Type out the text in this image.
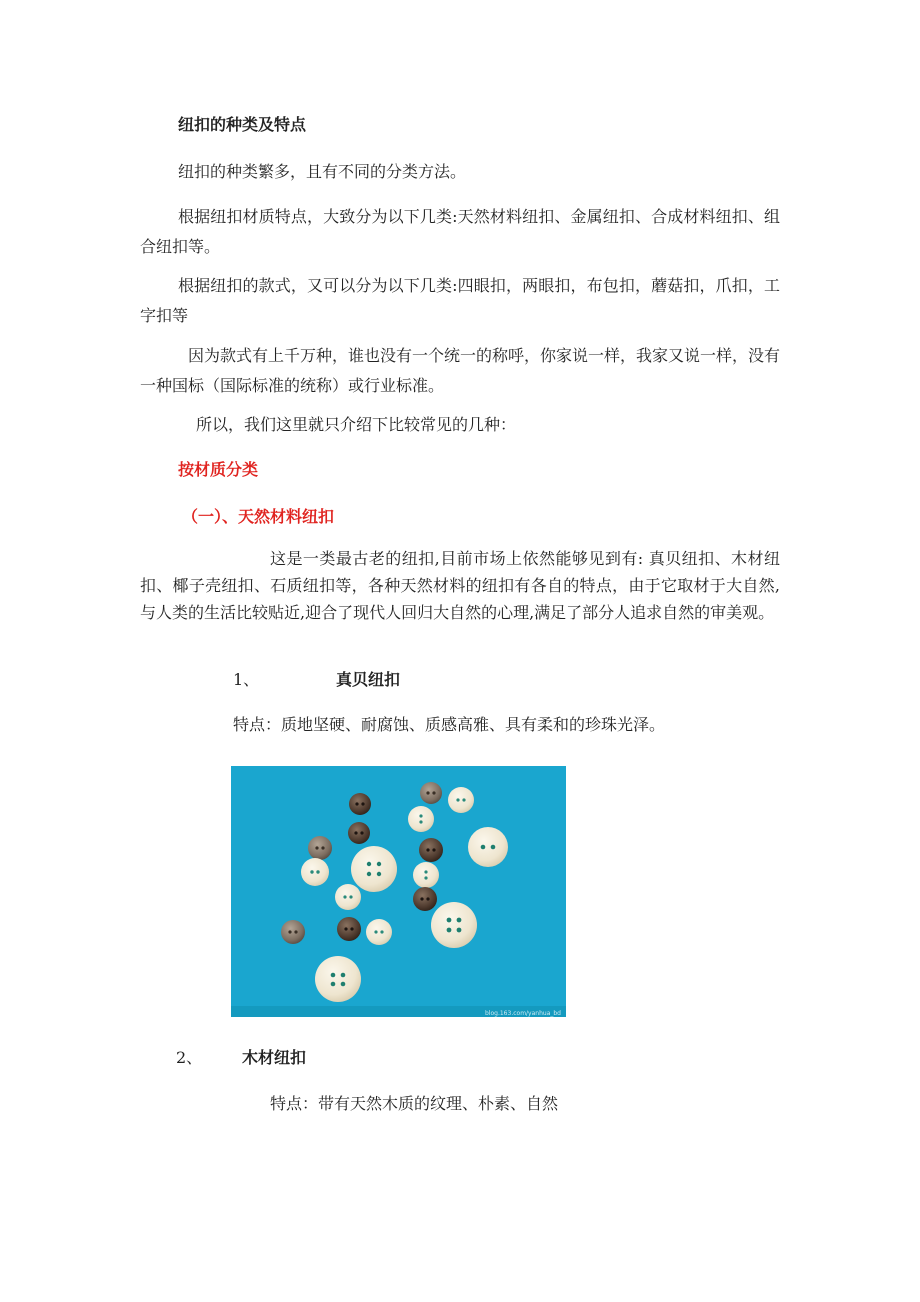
纽扣的种类及特点

纽扣的种类繁多，且有不同的分类方法。

根据纽扣材质特点，大致分为以下几类:天然材料纽扣、金属纽扣、合成材料纽扣、组合纽扣等。

根据纽扣的款式，又可以分为以下几类:四眼扣，两眼扣，布包扣，蘑菇扣，爪扣，工字扣等

因为款式有上千万种，谁也没有一个统一的称呼，你家说一样，我家又说一样，没有一种国标（国际标准的统称）或行业标准。

所以，我们这里就只介绍下比较常见的几种：

按材质分类

（一）、天然材料纽扣

这是一类最古老的纽扣,目前市场上依然能够见到有: 真贝纽扣、木材纽扣、椰子壳纽扣、石质纽扣等，各种天然材料的纽扣有各自的特点，由于它取材于大自然,与人类的生活比较贴近,迎合了现代人回归大自然的心理,满足了部分人追求自然的审美观。

1、	真贝纽扣

特点：质地坚硬、耐腐蚀、质感高雅、具有柔和的珍珠光泽。

blog.163.com/yanhua_bd
2、 木材纽扣

特点：带有天然木质的纹理、朴素、自然
